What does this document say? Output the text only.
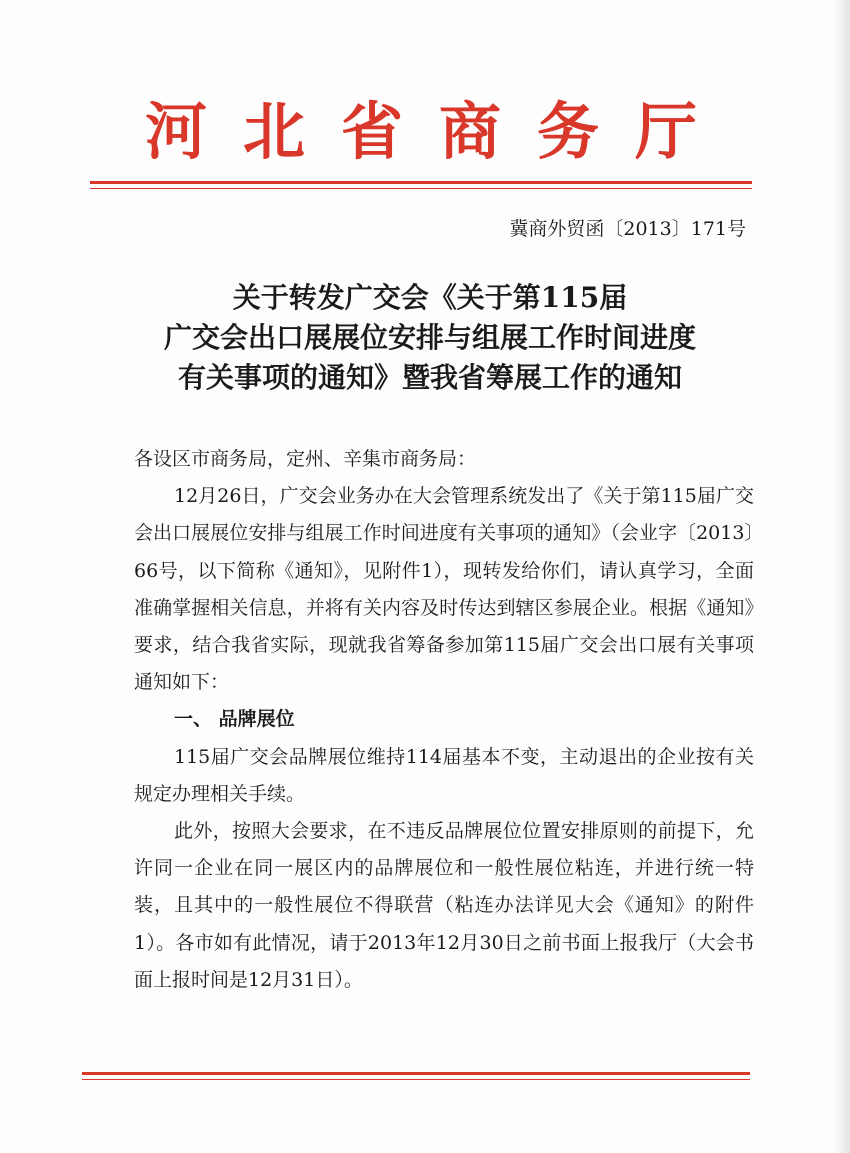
河北省商务厅
冀商外贸函〔2013〕171号
关于转发广交会《关于第115届
广交会出口展展位安排与组展工作时间进度
有关事项的通知》暨我省筹展工作的通知

各设区市商务局，定州、辛集市商务局：

12月26日，广交会业务办在大会管理系统发出了《关于第115届广交会出口展展位安排与组展工作时间进度有关事项的通知》（会业字〔2013〕66号，以下简称《通知》，见附件1），现转发给你们，请认真学习，全面准确掌握相关信息，并将有关内容及时传达到辖区参展企业。根据《通知》要求，结合我省实际，现就我省筹备参加第115届广交会出口展有关事项通知如下：

一、 品牌展位

115届广交会品牌展位维持114届基本不变，主动退出的企业按有关规定办理相关手续。

此外，按照大会要求，在不违反品牌展位位置安排原则的前提下，允许同一企业在同一展区内的品牌展位和一般性展位粘连，并进行统一特装，且其中的一般性展位不得联营（粘连办法详见大会《通知》的附件1）。各市如有此情况，请于2013年12月30日之前书面上报我厅（大会书面上报时间是12月31日）。
